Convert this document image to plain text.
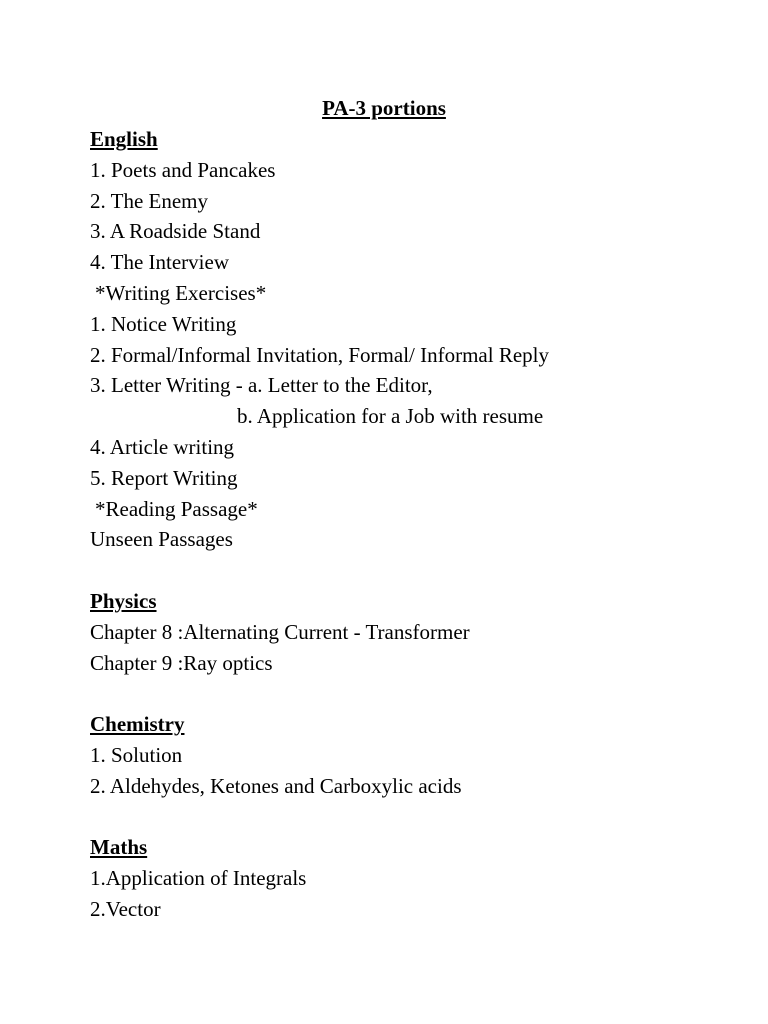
PA-3 portions
English
1. Poets and Pancakes
2. The Enemy
3. A Roadside Stand
4. The Interview
*Writing Exercises*
1. Notice Writing
2. Formal/Informal Invitation, Formal/ Informal Reply
3. Letter Writing - a. Letter to the Editor,
b. Application for a Job with resume
4. Article writing
5. Report Writing
*Reading Passage*
Unseen Passages
Physics
Chapter 8 :Alternating Current - Transformer
Chapter 9 :Ray optics
Chemistry
1. Solution
2. Aldehydes, Ketones and Carboxylic acids
Maths
1.Application of Integrals
2.Vector
